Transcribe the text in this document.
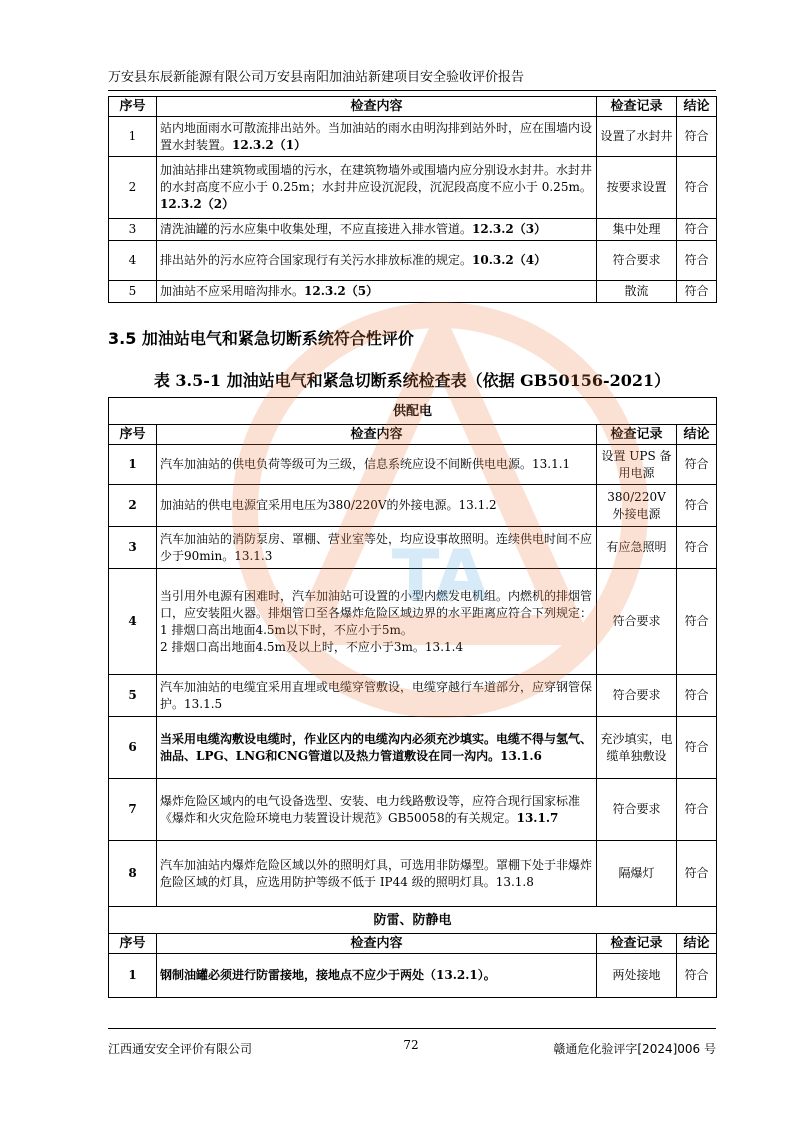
万安县东辰新能源有限公司万安县南阳加油站新建项目安全验收评价报告
序号	检查内容	检查记录	结论
1	站内地面雨水可散流排出站外。当加油站的雨水由明沟排到站外时，应在围墙内设置水封装置。12.3.2（1）	设置了水封井	符合
2	加油站排出建筑物或围墙的污水，在建筑物墙外或围墙内应分别设水封井。水封井的水封高度不应小于 0.25m；水封井应设沉泥段，沉泥段高度不应小于 0.25m。12.3.2（2）	按要求设置	符合
3	清洗油罐的污水应集中收集处理，不应直接进入排水管道。12.3.2（3）	集中处理	符合
4	排出站外的污水应符合国家现行有关污水排放标准的规定。10.3.2（4）	符合要求	符合
5	加油站不应采用暗沟排水。12.3.2（5）	散流	符合
3.5 加油站电气和紧急切断系统符合性评价
表 3.5-1 加油站电气和紧急切断系统检查表（依据 GB50156-2021）
供配电			
序号	检查内容	检查记录	结论
1	汽车加油站的供电负荷等级可为三级，信息系统应设不间断供电电源。13.1.1	设置 UPS 备用电源	符合
2	加油站的供电电源宜采用电压为380/220V的外接电源。13.1.2	380/220V 外接电源	符合
3	汽车加油站的消防泵房、罩棚、营业室等处，均应设事故照明。连续供电时间不应少于90min。13.1.3	有应急照明	符合
4	当引用外电源有困难时，汽车加油站可设置的小型内燃发电机组。内燃机的排烟管口，应安装阻火器。排烟管口至各爆炸危险区域边界的水平距离应符合下列规定：
1 排烟口高出地面4.5m以下时，不应小于5m。
2 排烟口高出地面4.5m及以上时，不应小于3m。13.1.4	符合要求	符合
5	汽车加油站的电缆宜采用直埋或电缆穿管敷设，电缆穿越行车道部分，应穿钢管保护。13.1.5	符合要求	符合
6	当采用电缆沟敷设电缆时，作业区内的电缆沟内必须充沙填实。电缆不得与氢气、油品、LPG、LNG和CNG管道以及热力管道敷设在同一沟内。13.1.6	充沙填实，电缆单独敷设	符合
7	爆炸危险区域内的电气设备选型、安装、电力线路敷设等，应符合现行国家标准《爆炸和火灾危险环境电力装置设计规范》GB50058的有关规定。13.1.7	符合要求	符合
8	汽车加油站内爆炸危险区域以外的照明灯具，可选用非防爆型。罩棚下处于非爆炸危险区域的灯具，应选用防护等级不低于 IP44 级的照明灯具。13.1.8	隔爆灯	符合
防雷、防静电			
序号	检查内容	检查记录	结论
1	钢制油罐必须进行防雷接地，接地点不应少于两处（13.2.1）。	两处接地	符合
TA
江西通安安全评价有限公司	72	赣通危化验评字[2024]006 号
